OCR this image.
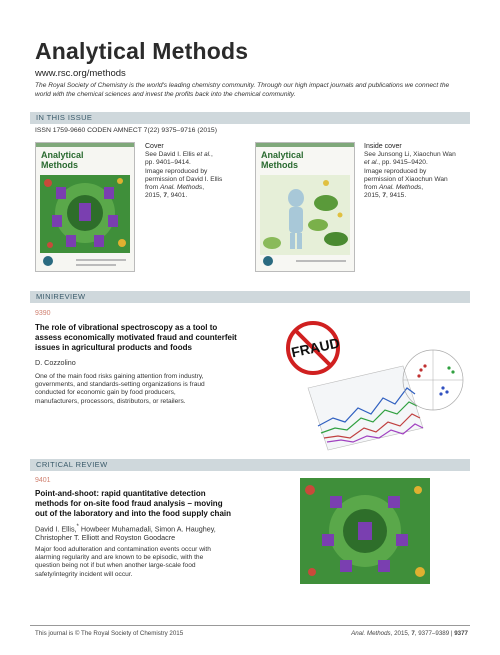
Analytical Methods
www.rsc.org/methods
The Royal Society of Chemistry is the world's leading chemistry community. Through our high impact journals and publications we connect the world with the chemical sciences and invest the profits back into the chemical community.
IN THIS ISSUE
ISSN 1759-9660 CODEN AMNECT 7(22) 9375–9716 (2015)
Analytical
Methods
Cover
See David I. Ellis et al.,
pp. 9401–9414.
Image reproduced by
permission of David I. Ellis
from Anal. Methods,
2015, 7, 9401.
Analytical
Methods
Inside cover
See Junsong Li, Xiaochun Wan
et al., pp. 9415–9420.
Image reproduced by
permission of Xiaochun Wan
from Anal. Methods,
2015, 7, 9415.
MINIREVIEW
9390
The role of vibrational spectroscopy as a tool to
assess economically motivated fraud and counterfeit
issues in agricultural products and foods
D. Cozzolino
One of the main food risks gaining attention from industry,
governments, and standards-setting organizations is fraud
conducted for economic gain by food producers,
manufacturers, processors, distributors, or retailers.
FRAUD
CRITICAL REVIEW
9401
Point-and-shoot: rapid quantitative detection
methods for on-site food fraud analysis – moving
out of the laboratory and into the food supply chain
David I. Ellis,* Howbeer Muhamadali, Simon A. Haughey,
Christopher T. Elliott and Royston Goodacre
Major food adulteration and contamination events occur with
alarming regularity and are known to be episodic, with the
question being not if but when another large-scale food
safety/integrity incident will occur.
This journal is © The Royal Society of Chemistry 2015	Anal. Methods, 2015, 7, 9377–9389 | 9377
